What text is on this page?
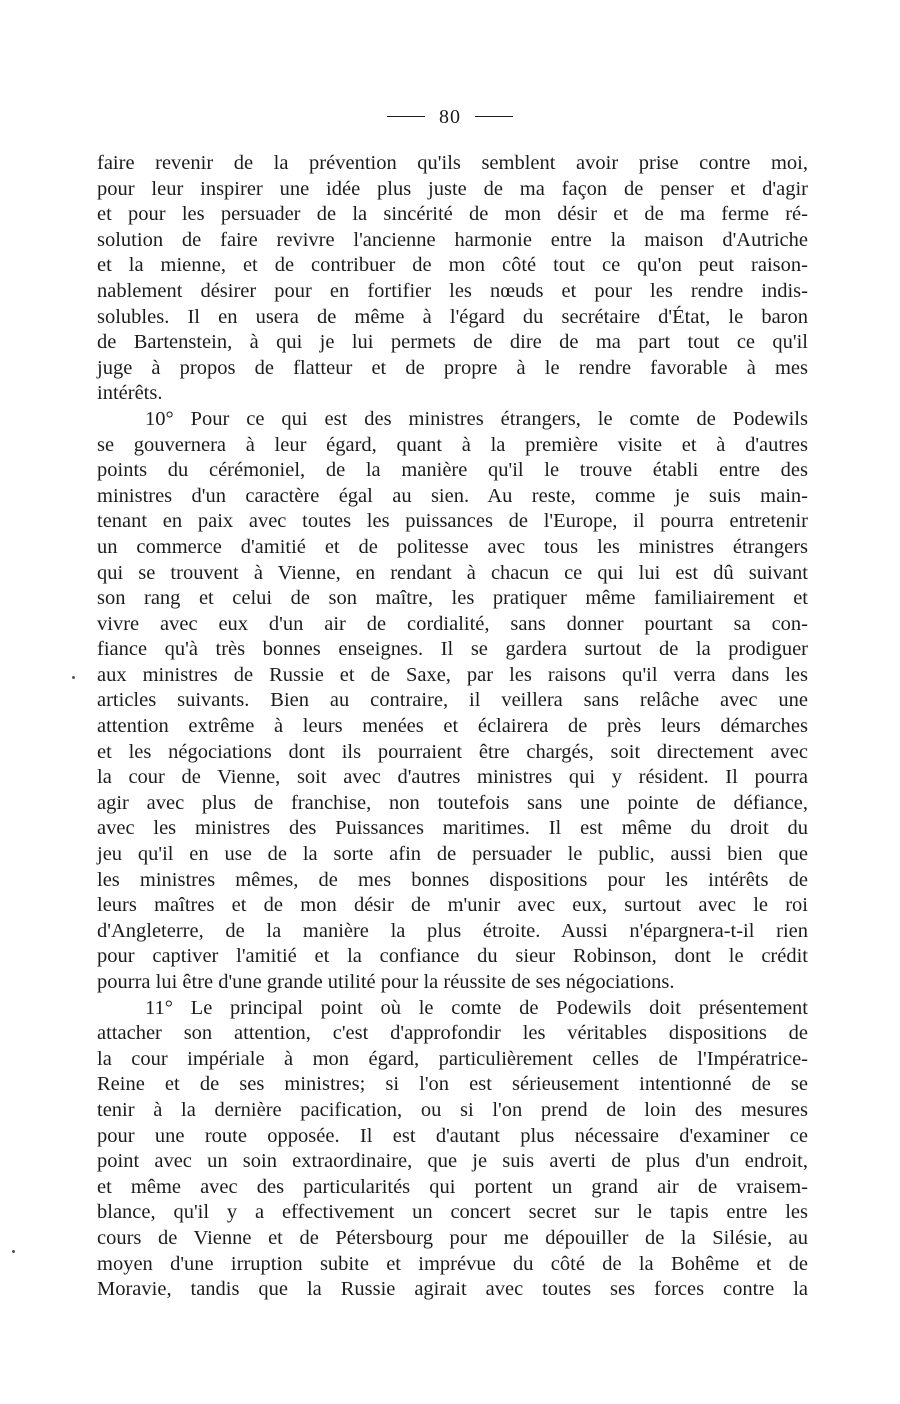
80
faire revenir de la prévention qu'ils semblent avoir prise contre moi,
pour leur inspirer une idée plus juste de ma façon de penser et d'agir
et pour les persuader de la sincérité de mon désir et de ma ferme ré-
solution de faire revivre l'ancienne harmonie entre la maison d'Autriche
et la mienne, et de contribuer de mon côté tout ce qu'on peut raison-
nablement désirer pour en fortifier les nœuds et pour les rendre indis-
solubles. Il en usera de même à l'égard du secrétaire d'État, le baron
de Bartenstein, à qui je lui permets de dire de ma part tout ce qu'il
juge à propos de flatteur et de propre à le rendre favorable à mes
intérêts.
10° Pour ce qui est des ministres étrangers, le comte de Podewils
se gouvernera à leur égard, quant à la première visite et à d'autres
points du cérémoniel, de la manière qu'il le trouve établi entre des
ministres d'un caractère égal au sien. Au reste, comme je suis main-
tenant en paix avec toutes les puissances de l'Europe, il pourra entretenir
un commerce d'amitié et de politesse avec tous les ministres étrangers
qui se trouvent à Vienne, en rendant à chacun ce qui lui est dû suivant
son rang et celui de son maître, les pratiquer même familiairement et
vivre avec eux d'un air de cordialité, sans donner pourtant sa con-
fiance qu'à très bonnes enseignes. Il se gardera surtout de la prodiguer
aux ministres de Russie et de Saxe, par les raisons qu'il verra dans les
articles suivants. Bien au contraire, il veillera sans relâche avec une
attention extrême à leurs menées et éclairera de près leurs démarches
et les négociations dont ils pourraient être chargés, soit directement avec
la cour de Vienne, soit avec d'autres ministres qui y résident. Il pourra
agir avec plus de franchise, non toutefois sans une pointe de défiance,
avec les ministres des Puissances maritimes. Il est même du droit du
jeu qu'il en use de la sorte afin de persuader le public, aussi bien que
les ministres mêmes, de mes bonnes dispositions pour les intérêts de
leurs maîtres et de mon désir de m'unir avec eux, surtout avec le roi
d'Angleterre, de la manière la plus étroite. Aussi n'épargnera-t-il rien
pour captiver l'amitié et la confiance du sieur Robinson, dont le crédit
pourra lui être d'une grande utilité pour la réussite de ses négociations.
11° Le principal point où le comte de Podewils doit présentement
attacher son attention, c'est d'approfondir les véritables dispositions de
la cour impériale à mon égard, particulièrement celles de l'Impératrice-
Reine et de ses ministres; si l'on est sérieusement intentionné de se
tenir à la dernière pacification, ou si l'on prend de loin des mesures
pour une route opposée. Il est d'autant plus nécessaire d'examiner ce
point avec un soin extraordinaire, que je suis averti de plus d'un endroit,
et même avec des particularités qui portent un grand air de vraisem-
blance, qu'il y a effectivement un concert secret sur le tapis entre les
cours de Vienne et de Pétersbourg pour me dépouiller de la Silésie, au
moyen d'une irruption subite et imprévue du côté de la Bohême et de
Moravie, tandis que la Russie agirait avec toutes ses forces contre la
